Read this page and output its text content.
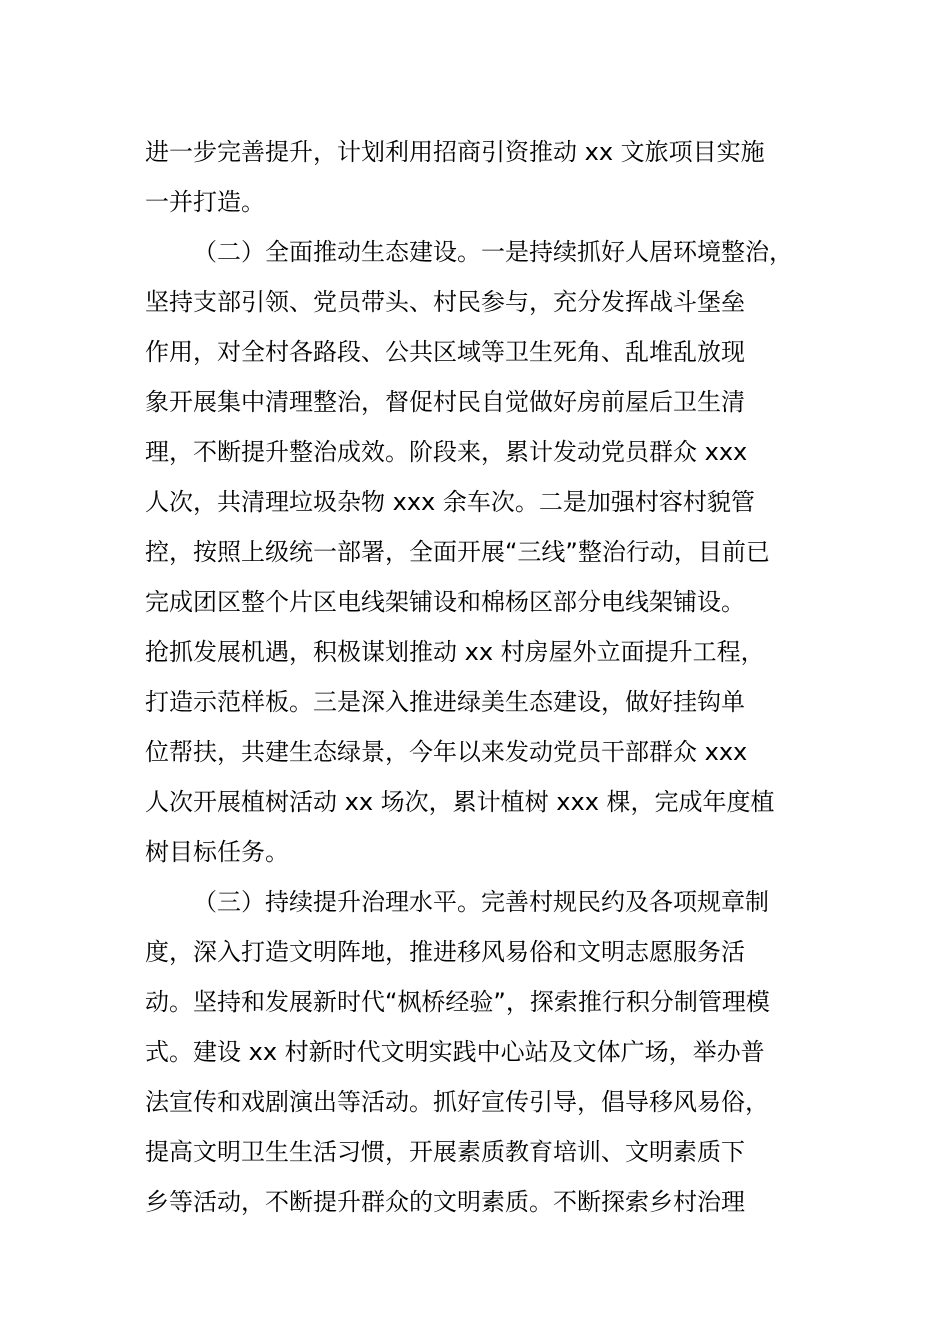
进一步完善提升，计划利用招商引资推动 xx 文旅项目实施
一并打造。
（二）全面推动生态建设。一是持续抓好人居环境整治，
坚持支部引领、党员带头、村民参与，充分发挥战斗堡垒
作用，对全村各路段、公共区域等卫生死角、乱堆乱放现
象开展集中清理整治，督促村民自觉做好房前屋后卫生清
理，不断提升整治成效。阶段来，累计发动党员群众 xxx
人次，共清理垃圾杂物 xxx 余车次。二是加强村容村貌管
控，按照上级统一部署，全面开展“三线”整治行动，目前已
完成团区整个片区电线架铺设和棉杨区部分电线架铺设。
抢抓发展机遇，积极谋划推动 xx 村房屋外立面提升工程，
打造示范样板。三是深入推进绿美生态建设，做好挂钩单
位帮扶，共建生态绿景，今年以来发动党员干部群众 xxx
人次开展植树活动 xx 场次，累计植树 xxx 棵，完成年度植
树目标任务。
（三）持续提升治理水平。完善村规民约及各项规章制
度，深入打造文明阵地，推进移风易俗和文明志愿服务活
动。坚持和发展新时代“枫桥经验”，探索推行积分制管理模
式。建设 xx 村新时代文明实践中心站及文体广场，举办普
法宣传和戏剧演出等活动。抓好宣传引导，倡导移风易俗，
提高文明卫生生活习惯，开展素质教育培训、文明素质下
乡等活动，不断提升群众的文明素质。不断探索乡村治理
